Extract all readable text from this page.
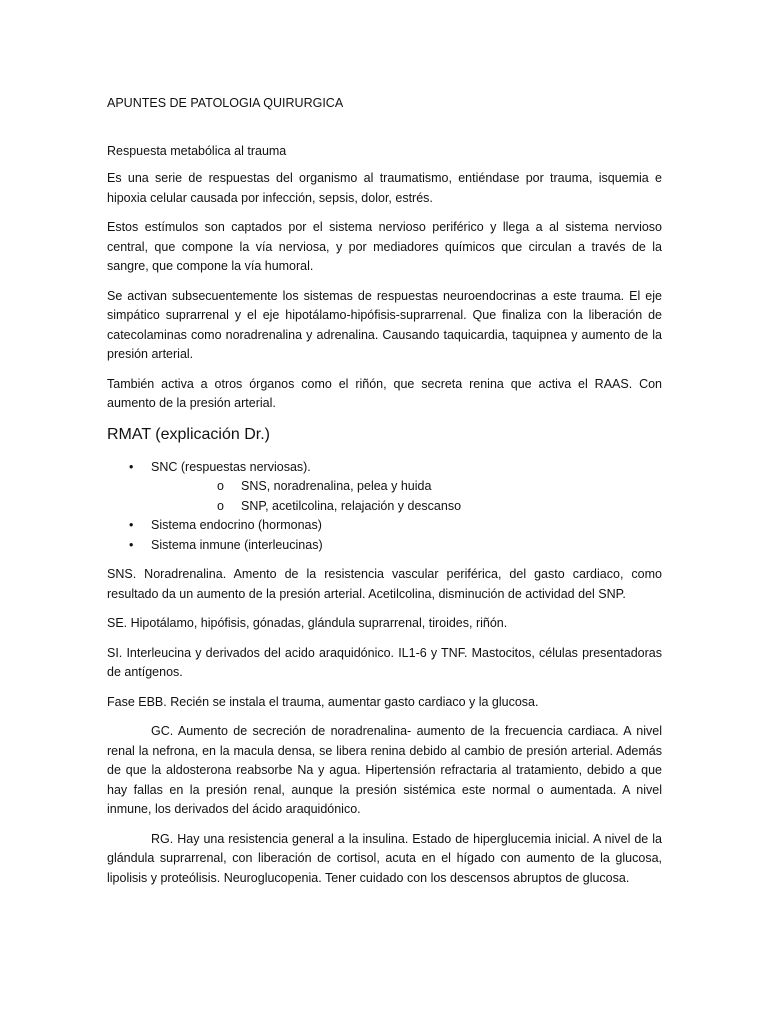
APUNTES DE PATOLOGIA QUIRURGICA

Respuesta metabólica al trauma

Es una serie de respuestas del organismo al traumatismo, entiéndase por trauma, isquemia e hipoxia celular causada por infección, sepsis, dolor, estrés.

Estos estímulos son captados por el sistema nervioso periférico y llega a al sistema nervioso central, que compone la vía nerviosa, y por mediadores químicos que circulan a través de la sangre, que compone la vía humoral.

Se activan subsecuentemente los sistemas de respuestas neuroendocrinas a este trauma. El eje simpático suprarrenal y el eje hipotálamo-hipófisis-suprarrenal. Que finaliza con la liberación de catecolaminas como noradrenalina y adrenalina. Causando taquicardia, taquipnea y aumento de la presión arterial.

También activa a otros órganos como el riñón, que secreta renina que activa el RAAS. Con aumento de la presión arterial.

RMAT (explicación Dr.)

• SNC (respuestas nerviosas).
o SNS, noradrenalina, pelea y huida
o SNP, acetilcolina, relajación y descanso
• Sistema endocrino (hormonas)
• Sistema inmune (interleucinas)

SNS. Noradrenalina. Amento de la resistencia vascular periférica, del gasto cardiaco, como resultado da un aumento de la presión arterial. Acetilcolina, disminución de actividad del SNP.

SE. Hipotálamo, hipófisis, gónadas, glándula suprarrenal, tiroides, riñón.

SI. Interleucina y derivados del acido araquidónico. IL1-6 y TNF. Mastocitos, células presentadoras de antígenos.

Fase EBB. Recién se instala el trauma, aumentar gasto cardiaco y la glucosa.

GC. Aumento de secreción de noradrenalina- aumento de la frecuencia cardiaca. A nivel renal la nefrona, en la macula densa, se libera renina debido al cambio de presión arterial. Además de que la aldosterona reabsorbe Na y agua. Hipertensión refractaria al tratamiento, debido a que hay fallas en la presión renal, aunque la presión sistémica este normal o aumentada. A nivel inmune, los derivados del ácido araquidónico.

RG. Hay una resistencia general a la insulina. Estado de hiperglucemia inicial. A nivel de la glándula suprarrenal, con liberación de cortisol, acuta en el hígado con aumento de la glucosa, lipolisis y proteólisis. Neuroglucopenia. Tener cuidado con los descensos abruptos de glucosa.
